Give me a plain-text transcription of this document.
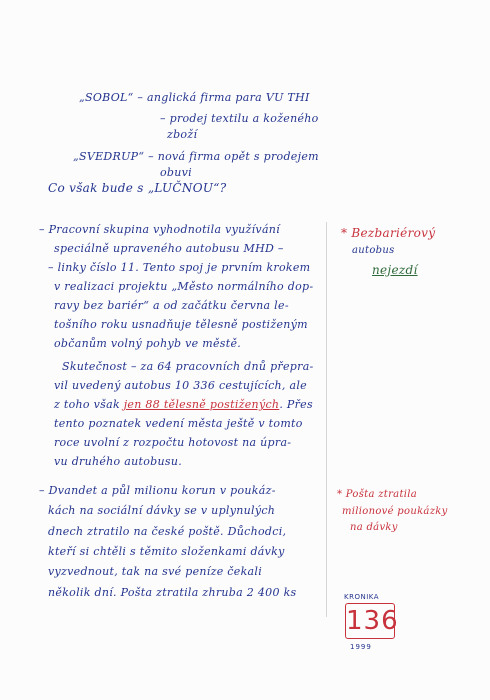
„SOBOL“ – anglická firma para VU THI
– prodej textilu a koženého
zboží
„SVEDRUP“ – nová firma opět s prodejem
obuvi
Co však bude s „LUČNOU“?
– Pracovní skupina vyhodnotila využívání
speciálně upraveného autobusu MHD –
– linky číslo 11. Tento spoj je prvním krokem
v realizaci projektu „Město normálního dop-
ravy bez bariér“ a od začátku června le-
tošního roku usnadňuje tělesně postiženým
občanům volný pohyb ve městě.
Skutečnost – za 64 pracovních dnů přepra-
vil uvedený autobus 10 336 cestujících, ale
z toho však jen 88 tělesně postižených. Přes
tento poznatek vedení města ještě v tomto
roce uvolní z rozpočtu hotovost na úpra-
vu druhého autobusu.
– Dvandet a půl milionu korun v poukáz-
kách na sociální dávky se v uplynulých
dnech ztratilo na české poště. Důchodci,
kteří si chtěli s těmito složenkami dávky
vyzvednout, tak na své peníze čekali
několik dní. Pošta ztratila zhruba 2 400 ks
* Bezbariérový
autobus
nejezdí
* Pošta ztratila
milionové poukázky
na dávky
KRONIKA
136
1999
